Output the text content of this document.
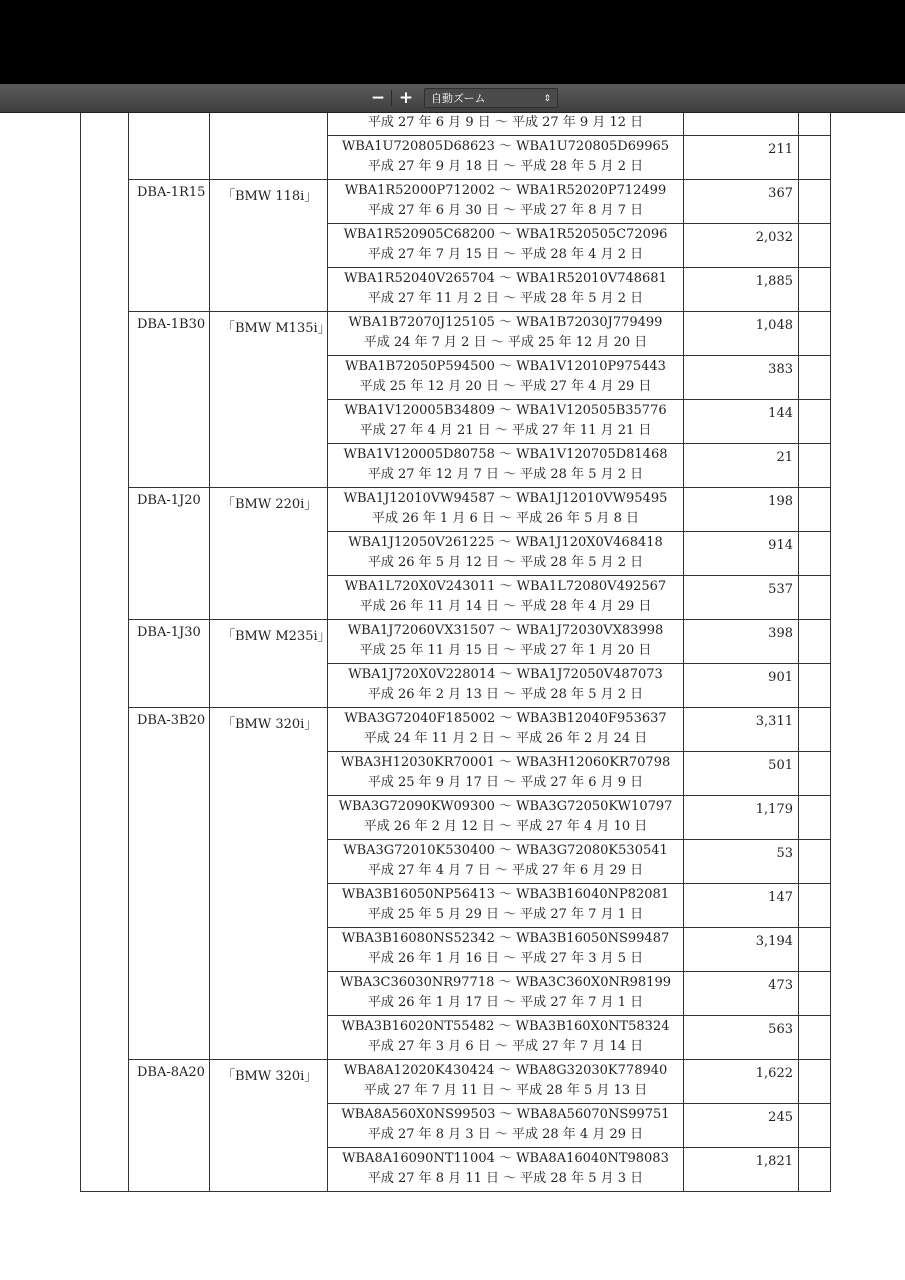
− +	自動ズーム	⇕

			平成 27 年 6 月 9 日 ～ 平成 27 年 9 月 12 日		

			WBA1U720805D68623 ～ WBA1U720805D69965
平成 27 年 9 月 18 日 ～ 平成 28 年 5 月 2 日	211	
	DBA-1R15	「BMW 118i」	WBA1R52000P712002 ～ WBA1R52020P712499
平成 27 年 6 月 30 日 ～ 平成 27 年 8 月 7 日	367	

			WBA1R520905C68200 ～ WBA1R520505C72096
平成 27 年 7 月 15 日 ～ 平成 28 年 4 月 2 日	2,032	

			WBA1R52040V265704 ～ WBA1R52010V748681
平成 27 年 11 月 2 日 ～ 平成 28 年 5 月 2 日	1,885	
	DBA-1B30	「BMW M135i」	WBA1B72070J125105 ～ WBA1B72030J779499
平成 24 年 7 月 2 日 ～ 平成 25 年 12 月 20 日	1,048	

			WBA1B72050P594500 ～ WBA1V12010P975443
平成 25 年 12 月 20 日 ～ 平成 27 年 4 月 29 日	383	

			WBA1V120005B34809 ～ WBA1V120505B35776
平成 27 年 4 月 21 日 ～ 平成 27 年 11 月 21 日	144	

			WBA1V120005D80758 ～ WBA1V120705D81468
平成 27 年 12 月 7 日 ～ 平成 28 年 5 月 2 日	21	
	DBA-1J20	「BMW 220i」	WBA1J12010VW94587 ～ WBA1J12010VW95495
平成 26 年 1 月 6 日 ～ 平成 26 年 5 月 8 日	198	

			WBA1J12050V261225 ～ WBA1J120X0V468418
平成 26 年 5 月 12 日 ～ 平成 28 年 5 月 2 日	914	

			WBA1L720X0V243011 ～ WBA1L72080V492567
平成 26 年 11 月 14 日 ～ 平成 28 年 4 月 29 日	537	
	DBA-1J30	「BMW M235i」	WBA1J72060VX31507 ～ WBA1J72030VX83998
平成 25 年 11 月 15 日 ～ 平成 27 年 1 月 20 日	398	

			WBA1J720X0V228014 ～ WBA1J72050V487073
平成 26 年 2 月 13 日 ～ 平成 28 年 5 月 2 日	901	
	DBA-3B20	「BMW 320i」	WBA3G72040F185002 ～ WBA3B12040F953637
平成 24 年 11 月 2 日 ～ 平成 26 年 2 月 24 日	3,311	

			WBA3H12030KR70001 ～ WBA3H12060KR70798
平成 25 年 9 月 17 日 ～ 平成 27 年 6 月 9 日	501	

			WBA3G72090KW09300 ～ WBA3G72050KW10797
平成 26 年 2 月 12 日 ～ 平成 27 年 4 月 10 日	1,179	

			WBA3G72010K530400 ～ WBA3G72080K530541
平成 27 年 4 月 7 日 ～ 平成 27 年 6 月 29 日	53	

			WBA3B16050NP56413 ～ WBA3B16040NP82081
平成 25 年 5 月 29 日 ～ 平成 27 年 7 月 1 日	147	

			WBA3B16080NS52342 ～ WBA3B16050NS99487
平成 26 年 1 月 16 日 ～ 平成 27 年 3 月 5 日	3,194	

			WBA3C36030NR97718 ～ WBA3C360X0NR98199
平成 26 年 1 月 17 日 ～ 平成 27 年 7 月 1 日	473	

			WBA3B16020NT55482 ～ WBA3B160X0NT58324
平成 27 年 3 月 6 日 ～ 平成 27 年 7 月 14 日	563	
	DBA-8A20	「BMW 320i」	WBA8A12020K430424 ～ WBA8G32030K778940
平成 27 年 7 月 11 日 ～ 平成 28 年 5 月 13 日	1,622	

			WBA8A560X0NS99503 ～ WBA8A56070NS99751
平成 27 年 8 月 3 日 ～ 平成 28 年 4 月 29 日	245	

			WBA8A16090NT11004 ～ WBA8A16040NT98083
平成 27 年 8 月 11 日 ～ 平成 28 年 5 月 3 日	1,821	
